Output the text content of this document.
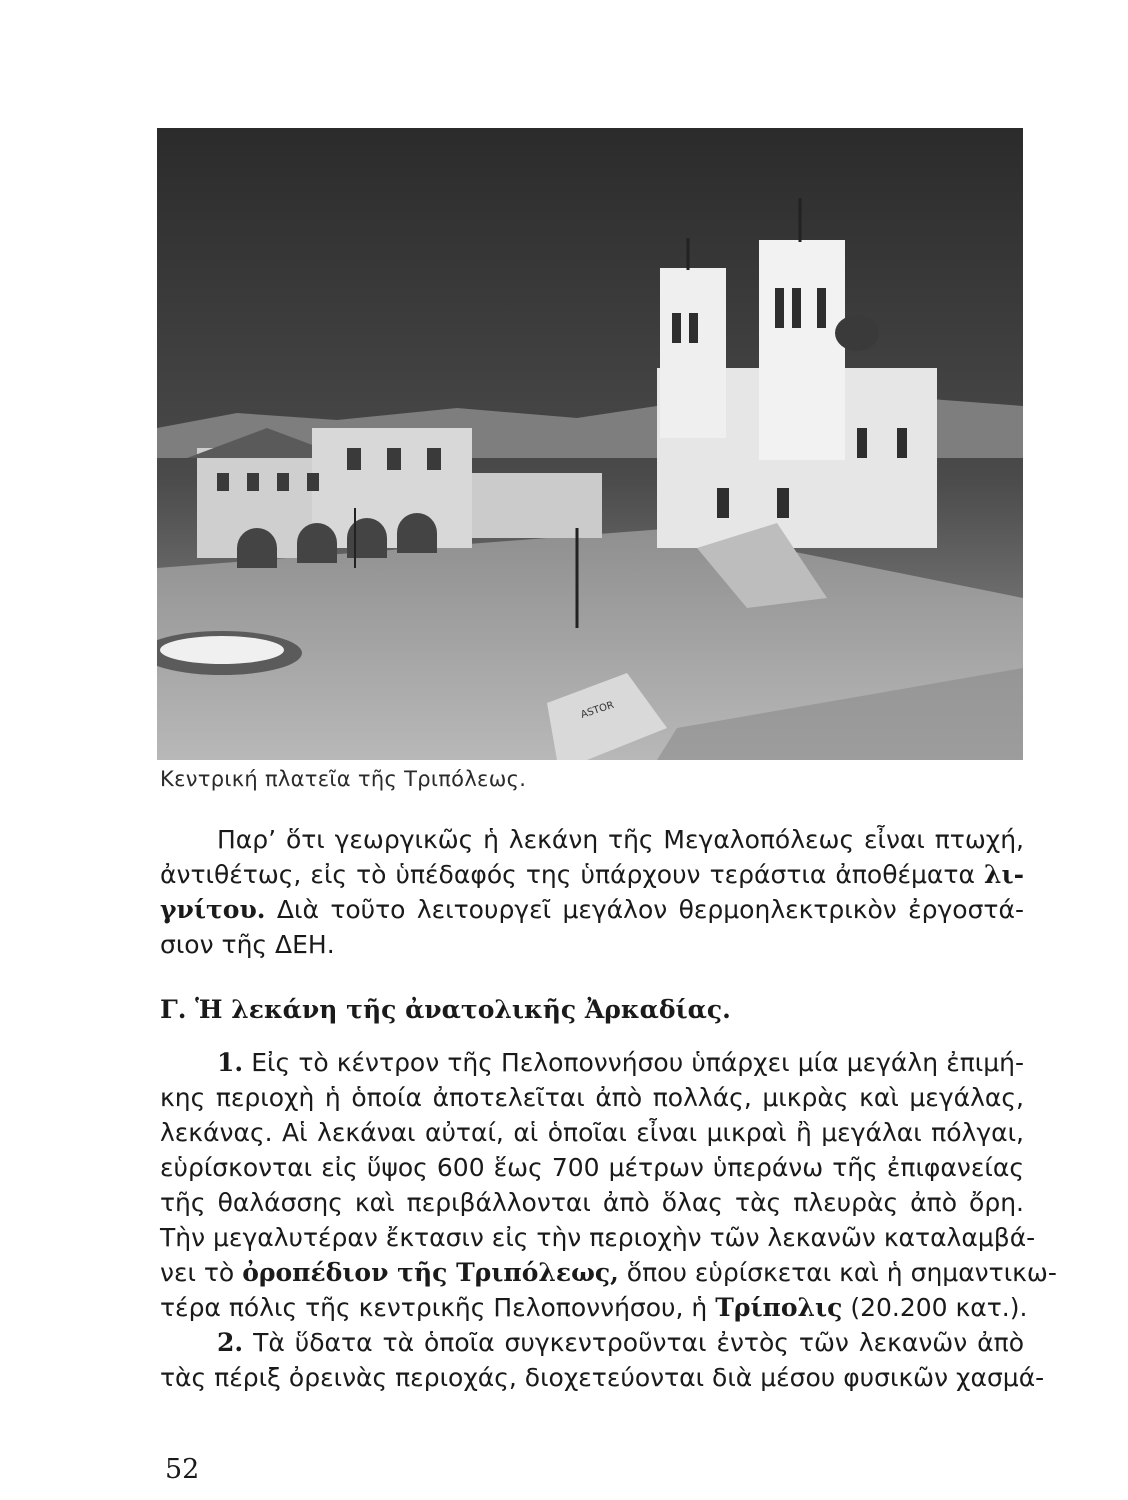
ASTOR
Κεντρική πλατεῖα τῆς Τριπόλεως.
Παρ’ ὅτι γεωργικῶς ἡ λεκάνη τῆς Μεγαλοπόλεως εἶναι πτωχή,
ἀντιθέτως, εἰς τὸ ὑπέδαφός της ὑπάρχουν τεράστια ἀποθέματα λι-
γνίτου. Διὰ τοῦτο λειτουργεῖ μεγάλον θερμοηλεκτρικὸν ἐργοστά-
σιον τῆς ΔΕΗ.
Γ. Ἡ λεκάνη τῆς ἀνατολικῆς Ἀρκαδίας.
1. Εἰς τὸ κέντρον τῆς Πελοποννήσου ὑπάρχει μία μεγάλη ἐπιμή-
κης περιοχὴ ἡ ὁποία ἀποτελεῖται ἀπὸ πολλάς, μικρὰς καὶ μεγάλας,
λεκάνας. Αἱ λεκάναι αὐταί, αἱ ὁποῖαι εἶναι μικραὶ ἢ μεγάλαι πόλγαι,
εὑρίσκονται εἰς ὕψος 600 ἕως 700 μέτρων ὑπεράνω τῆς ἐπιφανείας
τῆς θαλάσσης καὶ περιβάλλονται ἀπὸ ὅλας τὰς πλευρὰς ἀπὸ ὄρη.
Τὴν μεγαλυτέραν ἔκτασιν εἰς τὴν περιοχὴν τῶν λεκανῶν καταλαμβά-
νει τὸ ὀροπέδιον τῆς Τριπόλεως, ὅπου εὑρίσκεται καὶ ἡ σημαντικω-
τέρα πόλις τῆς κεντρικῆς Πελοποννήσου, ἡ Τρίπολις (20.200 κατ.).
2. Τὰ ὕδατα τὰ ὁποῖα συγκεντροῦνται ἐντὸς τῶν λεκανῶν ἀπὸ
τὰς πέριξ ὀρεινὰς περιοχάς, διοχετεύονται διὰ μέσου φυσικῶν χασμά-
52
